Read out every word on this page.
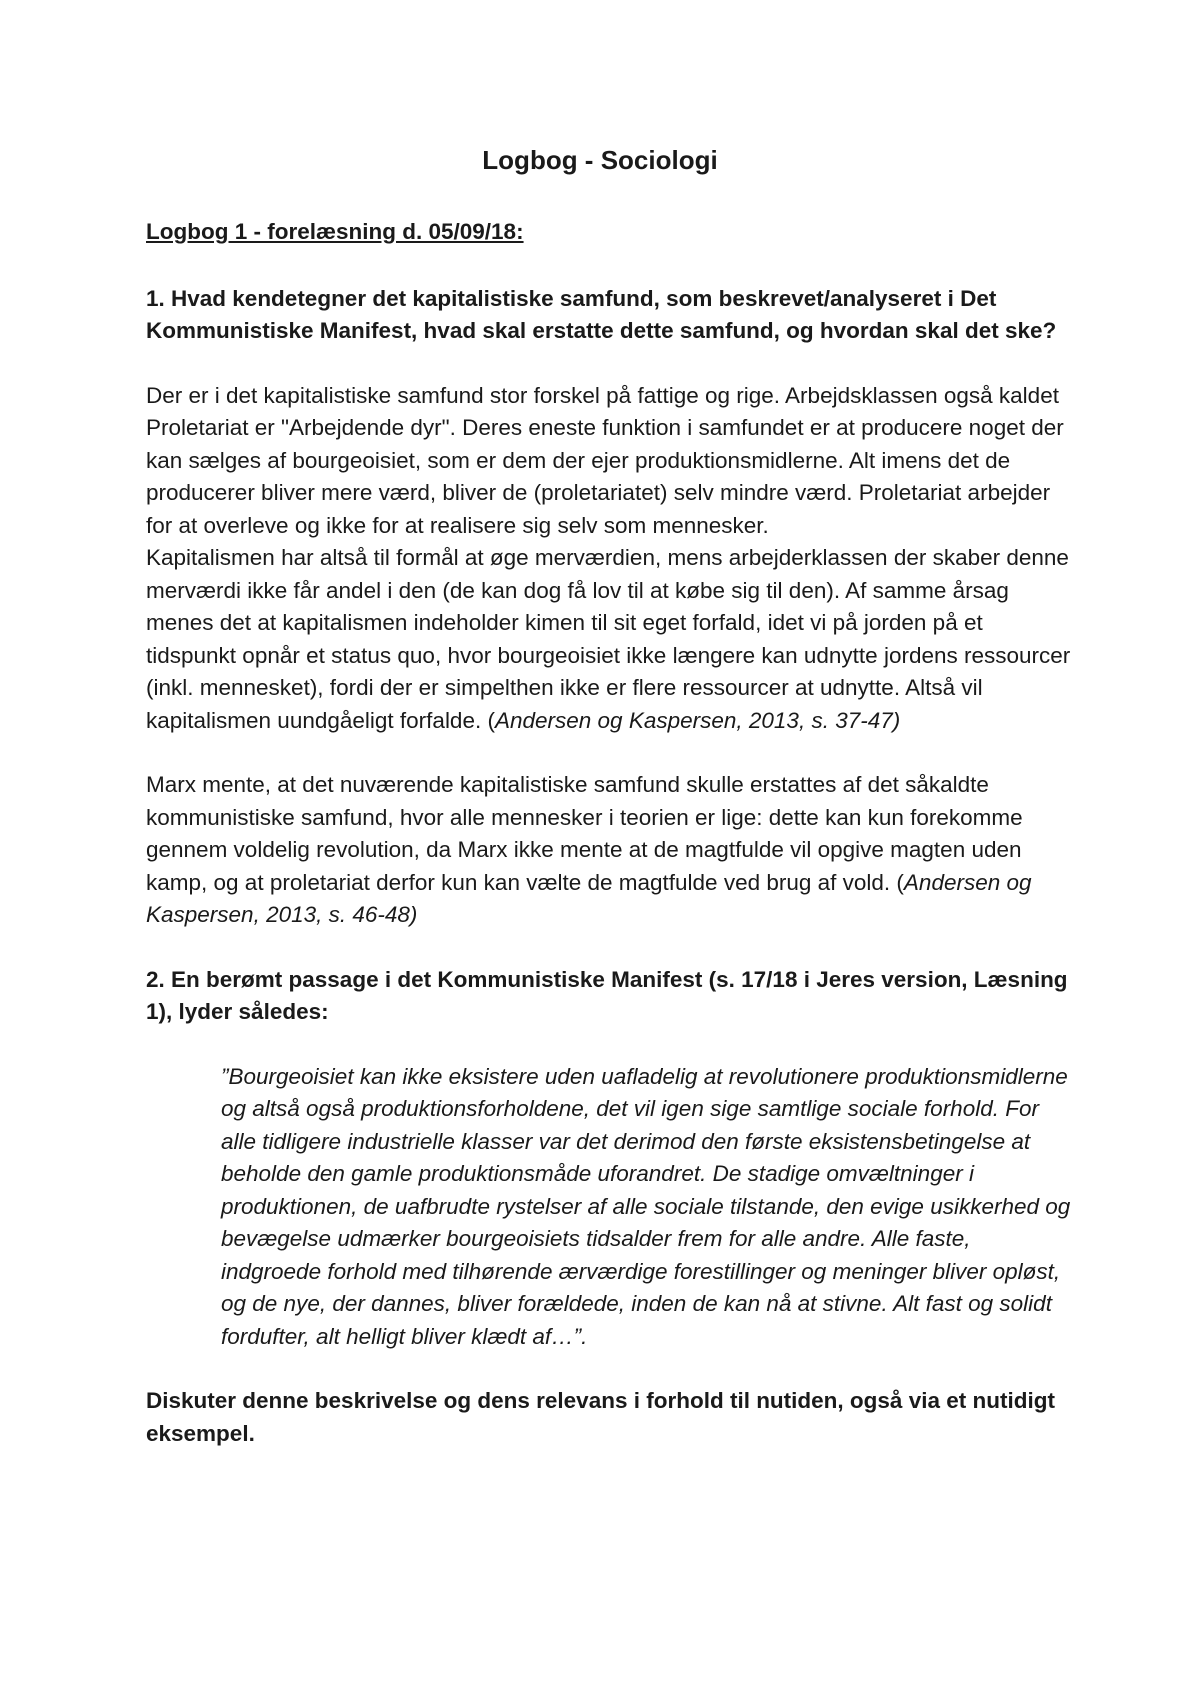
Logbog - Sociologi

Logbog 1 - forelæsning d. 05/09/18:

1. Hvad kendetegner det kapitalistiske samfund, som beskrevet/analyseret i Det Kommunistiske Manifest, hvad skal erstatte dette samfund, og hvordan skal det ske?

Der er i det kapitalistiske samfund stor forskel på fattige og rige. Arbejdsklassen også kaldet Proletariat er "Arbejdende dyr". Deres eneste funktion i samfundet er at producere noget der kan sælges af bourgeoisiet, som er dem der ejer produktionsmidlerne. Alt imens det de producerer bliver mere værd, bliver de (proletariatet) selv mindre værd. Proletariat arbejder for at overleve og ikke for at realisere sig selv som mennesker.

Kapitalismen har altså til formål at øge merværdien, mens arbejderklassen der skaber denne merværdi ikke får andel i den (de kan dog få lov til at købe sig til den). Af samme årsag menes det at kapitalismen indeholder kimen til sit eget forfald, idet vi på jorden på et tidspunkt opnår et status quo, hvor bourgeoisiet ikke længere kan udnytte jordens ressourcer (inkl. mennesket), fordi der er simpelthen ikke er flere ressourcer at udnytte. Altså vil kapitalismen uundgåeligt forfalde. (Andersen og Kaspersen, 2013, s. 37-47)

Marx mente, at det nuværende kapitalistiske samfund skulle erstattes af det såkaldte kommunistiske samfund, hvor alle mennesker i teorien er lige: dette kan kun forekomme gennem voldelig revolution, da Marx ikke mente at de magtfulde vil opgive magten uden kamp, og at proletariat derfor kun kan vælte de magtfulde ved brug af vold. (Andersen og Kaspersen, 2013, s. 46-48)

2. En berømt passage i det Kommunistiske Manifest (s. 17/18 i Jeres version, Læsning 1), lyder således:

”Bourgeoisiet kan ikke eksistere uden uafladelig at revolutionere produktionsmidlerne og altså også produktionsforholdene, det vil igen sige samtlige sociale forhold. For alle tidligere industrielle klasser var det derimod den første eksistensbetingelse at beholde den gamle produktionsmåde uforandret. De stadige omvæltninger i produktionen, de uafbrudte rystelser af alle sociale tilstande, den evige usikkerhed og bevægelse udmærker bourgeoisiets tidsalder frem for alle andre. Alle faste, indgroede forhold med tilhørende ærværdige forestillinger og meninger bliver opløst, og de nye, der dannes, bliver forældede, inden de kan nå at stivne. Alt fast og solidt fordufter, alt helligt bliver klædt af…”.

Diskuter denne beskrivelse og dens relevans i forhold til nutiden, også via et nutidigt eksempel.
